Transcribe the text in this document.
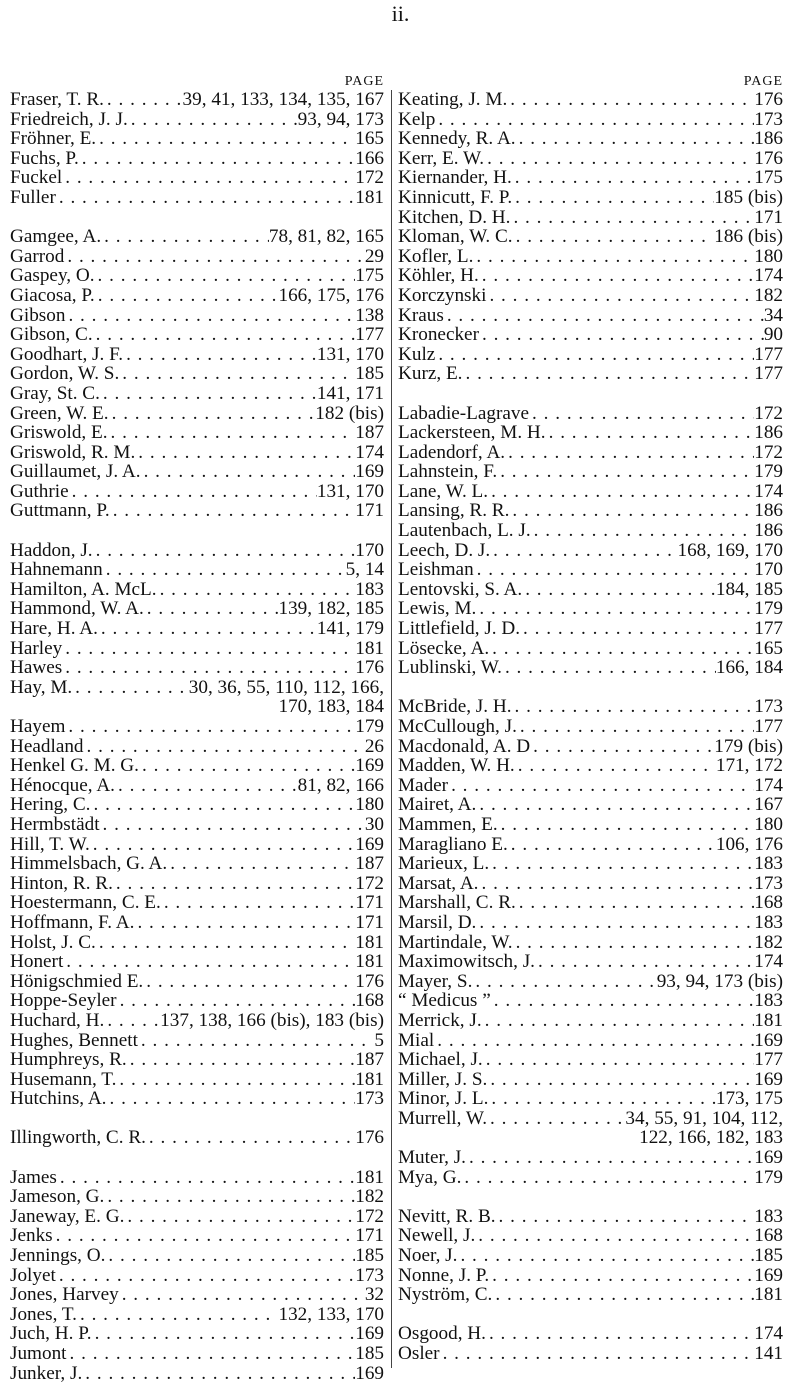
ii.
PAGE
Fraser, T. R. . . .	39, 41, 133, 134, 135, 167
Friedreich, J. J. . . .	93, 94, 173
Fröhner, E. . . .	165
Fuchs, P. . . .	166
Fuckel . . .	172
Fuller . . .	181
Gamgee, A. . . .	78, 81, 82, 165
Garrod . . .	29
Gaspey, O. . . .	175
Giacosa, P. . . .	166, 175, 176
Gibson . . .	138
Gibson, C. . . .	177
Goodhart, J. F. . . .	131, 170
Gordon, W. S. . . .	185
Gray, St. C. . . .	141, 171
Green, W. E. . . .	182 (bis)
Griswold, E. . . .	187
Griswold, R. M. . . .	174
Guillaumet, J. A. . . .	169
Guthrie . . .	131, 170
Guttmann, P. . . .	171
Haddon, J. . . .	170
Hahnemann . . .	5, 14
Hamilton, A. McL. . . .	183
Hammond, W. A. . . .	139, 182, 185
Hare, H. A. . . .	141, 179
Harley . . .	181
Hawes . . .	176
Hay, M. . . .	30, 36, 55, 110, 112, 166,
170, 183, 184
Hayem . . .	179
Headland . . .	26
Henkel G. M. G. . . .	169
Hénocque, A. . . .	81, 82, 166
Hering, C. . . .	180
Hermbstädt . . .	30
Hill, T. W. . . .	169
Himmelsbach, G. A. . . .	187
Hinton, R. R. . . .	172
Hoestermann, C. E. . . .	171
Hoffmann, F. A. . . .	171
Holst, J. C. . . .	181
Honert . . .	181
Hönigschmied E. . . .	176
Hoppe-Seyler . . .	168
Huchard, H. . . .	137, 138, 166 (bis), 183 (bis)
Hughes, Bennett . . .	5
Humphreys, R. . . .	187
Husemann, T. . . .	181
Hutchins, A. . . .	173
Illingworth, C. R. . . .	176
James . . .	181
Jameson, G. . . .	182
Janeway, E. G. . . .	172
Jenks . . .	171
Jennings, O. . . .	185
Jolyet . . .	173
Jones, Harvey . . .	32
Jones, T. . . .	132, 133, 170
Juch, H. P. . . .	169
Jumont . . .	185
Junker, J. . . .	169
PAGE
Keating, J. M. . . .	176
Kelp . . .	173
Kennedy, R. A. . . .	186
Kerr, E. W. . . .	176
Kiernander, H. . . .	175
Kinnicutt, F. P. . . .	185 (bis)
Kitchen, D. H. . . .	171
Kloman, W. C. . . .	186 (bis)
Kofler, L. . . .	180
Köhler, H. . . .	174
Korczynski . . .	182
Kraus . . .	34
Kronecker . . .	90
Kulz . . .	177
Kurz, E. . . .	177
Labadie-Lagrave . . .	172
Lackersteen, M. H. . . .	186
Ladendorf, A. . . .	172
Lahnstein, F. . . .	179
Lane, W. L. . . .	174
Lansing, R. R. . . .	186
Lautenbach, L. J. . . .	186
Leech, D. J. . . .	168, 169, 170
Leishman . . .	170
Lentovski, S. A. . . .	184, 185
Lewis, M. . . .	179
Littlefield, J. D. . . .	177
Lösecke, A. . . .	165
Lublinski, W. . . .	166, 184
McBride, J. H. . . .	173
McCullough, J. . . .	177
Macdonald, A. D . . .	179 (bis)
Madden, W. H. . . .	171, 172
Mader . . .	174
Mairet, A. . . .	167
Mammen, E. . . .	180
Maragliano E. . . .	106, 176
Marieux, L. . . .	183
Marsat, A. . . .	173
Marshall, C. R. . . .	168
Marsil, D. . . .	183
Martindale, W. . . .	182
Maximowitsch, J. . . .	174
Mayer, S. . . .	93, 94, 173 (bis)
“ Medicus ” . . .	183
Merrick, J. . . .	181
Mial . . .	169
Michael, J. . . .	177
Miller, J. S. . . .	169
Minor, J. L. . . .	173, 175
Murrell, W. . . .	34, 55, 91, 104, 112,
122, 166, 182, 183
Muter, J. . . .	169
Mya, G. . . .	179
Nevitt, R. B. . . .	183
Newell, J. . . .	168
Noer, J. . . .	185
Nonne, J. P. . . .	169
Nyström, C. . . .	181
Osgood, H. . . .	174
Osler . . .	141
